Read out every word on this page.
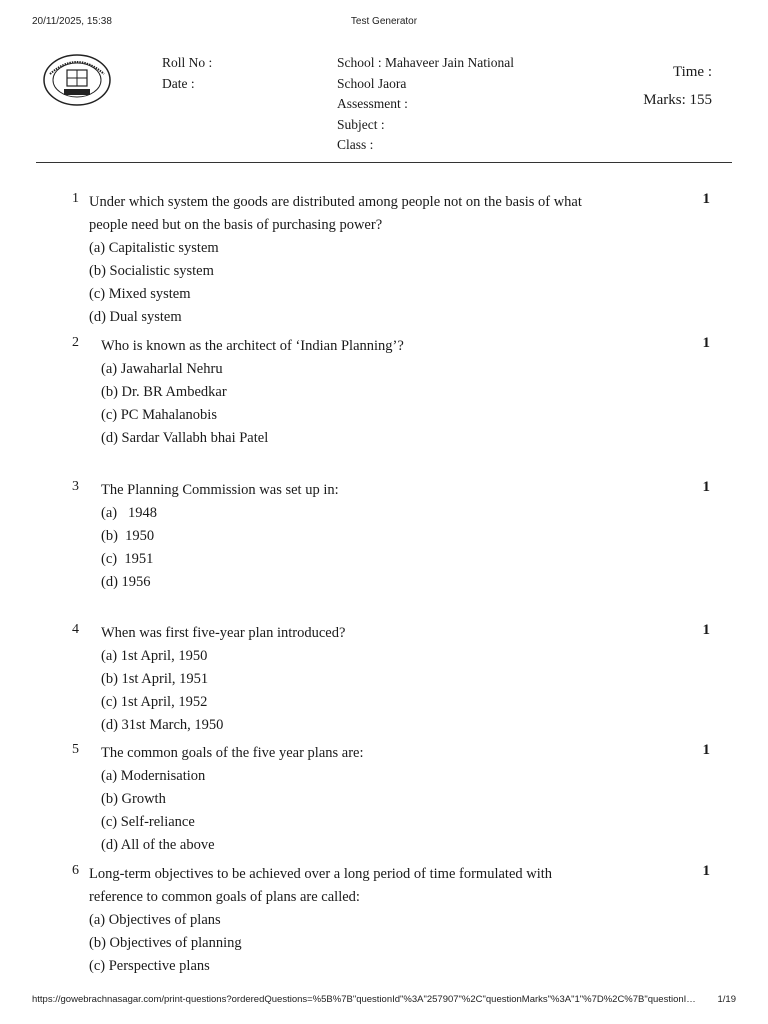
20/11/2025, 15:38	Test Generator
Roll No :
Date :
School : Mahaveer Jain National
School Jaora
Assessment :
Subject :
Class :
Time :
Marks: 155
1 Under which system the goods are distributed among people not on the basis of what people need but on the basis of purchasing power?
1
(a) Capitalistic system
(b) Socialistic system
(c) Mixed system
(d) Dual system
2 Who is known as the architect of ‘Indian Planning’?	1
(a) Jawaharlal Nehru
(b) Dr. BR Ambedkar
(c) PC Mahalanobis
(d) Sardar Vallabh bhai Patel
3 The Planning Commission was set up in:	1
(a)   1948
(b)  1950
(c)  1951
(d) 1956
4 When was first five-year plan introduced?	1
(a) 1st April, 1950
(b) 1st April, 1951
(c) 1st April, 1952
(d) 31st March, 1950
5 The common goals of the five year plans are:	1
(a) Modernisation
(b) Growth
(c) Self-reliance
(d) All of the above
6 Long-term objectives to be achieved over a long period of time formulated with reference to common goals of plans are called:
1
(a) Objectives of plans
(b) Objectives of planning
(c) Perspective plans
https://gowebrachnasagar.com/print-questions?orderedQuestions=%5B%7B"questionId"%3A"257907"%2C"questionMarks"%3A"1"%7D%2C%7B"questionI…	1/19
